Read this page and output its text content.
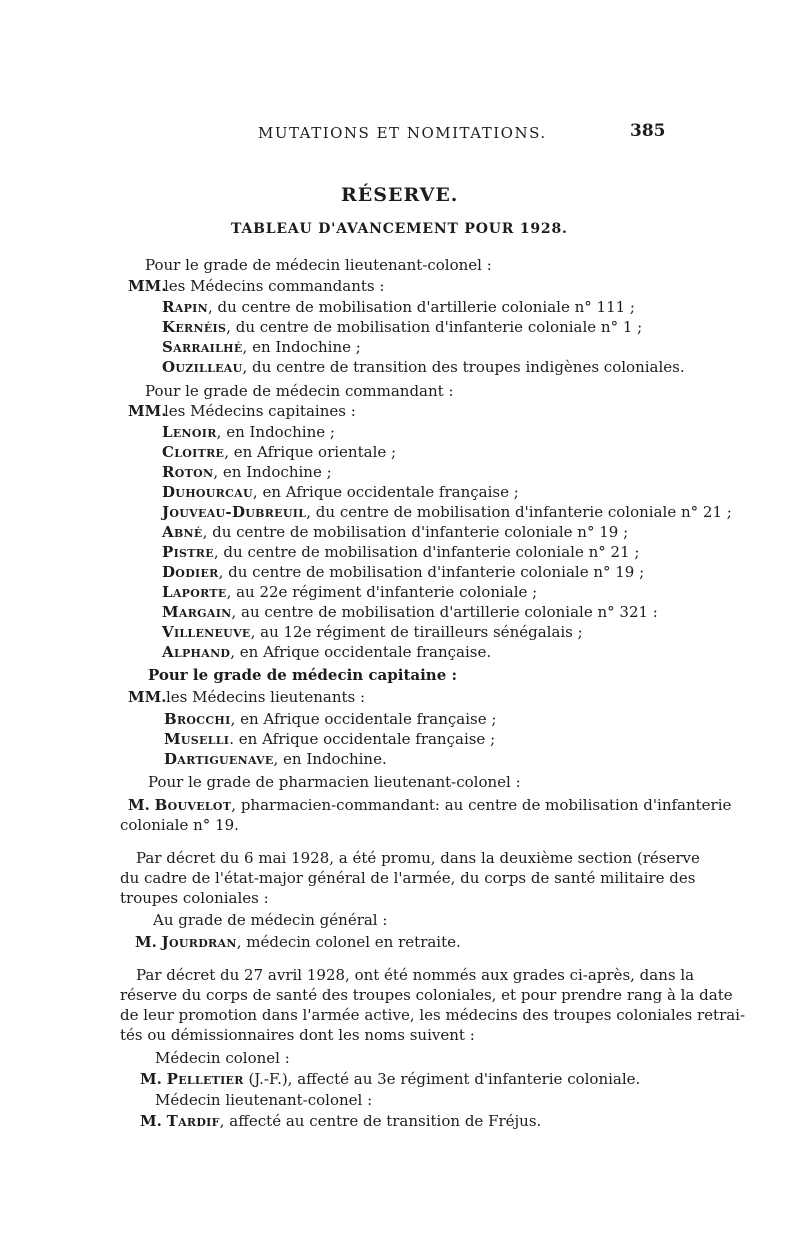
MUTATIONS ET NOMITATIONS.	385
RÉSERVE.
TABLEAU D'AVANCEMENT POUR 1928.
Pour le grade de médecin lieutenant-colonel :
MM.
les Médecins commandants :
Rapin, du centre de mobilisation d'artillerie coloniale n° 111 ;
Kernéis, du centre de mobilisation d'infanterie coloniale n° 1 ;
Sarrailhé, en Indochine ;
Ouzilleau, du centre de transition des troupes indigènes coloniales.
Pour le grade de médecin commandant :
MM.
les Médecins capitaines :
Lenoir, en Indochine ;
Cloitre, en Afrique orientale ;
Roton, en Indochine ;
Duhourcau, en Afrique occidentale française ;
Jouveau-Dubreuil, du centre de mobilisation d'infanterie coloniale n° 21 ;
Abné, du centre de mobilisation d'infanterie coloniale n° 19 ;
Pistre, du centre de mobilisation d'infanterie coloniale n° 21 ;
Dodier, du centre de mobilisation d'infanterie coloniale n° 19 ;
Laporte, au 22e régiment d'infanterie coloniale ;
Margain, au centre de mobilisation d'artillerie coloniale n° 321 :
Villeneuve, au 12e régiment de tirailleurs sénégalais ;
Alphand, en Afrique occidentale française.
Pour le grade de médecin capitaine :
MM. les Médecins lieutenants :
Brocchi, en Afrique occidentale française ;
Muselli. en Afrique occidentale française ;
Dartiguenave, en Indochine.
Pour le grade de pharmacien lieutenant-colonel :
M. Bouvelot, pharmacien-commandant: au centre de mobilisation d'infanterie
coloniale n° 19.
Par décret du 6 mai 1928, a été promu, dans la deuxième section (réserve
du cadre de l'état-major général de l'armée, du corps de santé militaire des
troupes coloniales :
Au grade de médecin général :
M. Jourdran, médecin colonel en retraite.
Par décret du 27 avril 1928, ont été nommés aux grades ci-après, dans la
réserve du corps de santé des troupes coloniales, et pour prendre rang à la date
de leur promotion dans l'armée active, les médecins des troupes coloniales retrai-
tés ou démissionnaires dont les noms suivent :
Médecin colonel :
M. Pelletier (J.-F.), affecté au 3e régiment d'infanterie coloniale.
Médecin lieutenant-colonel :
M. Tardif, affecté au centre de transition de Fréjus.
